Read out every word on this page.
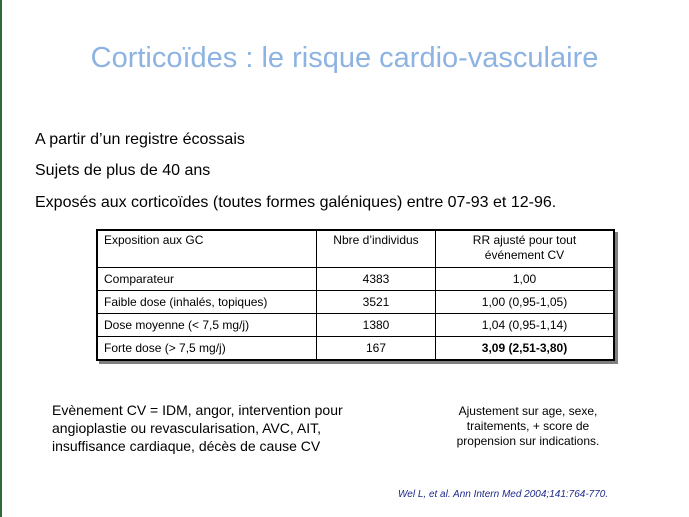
Corticoïdes : le risque cardio-vasculaire
A partir d’un registre écossais
Sujets de plus de 40 ans
Exposés aux corticoïdes (toutes formes galéniques) entre 07-93 et 12-96.
Exposition aux GC	Nbre d’individus	RR ajusté pour tout
événement CV
Comparateur	4383	1,00
Faible dose (inhalés, topiques)	3521	1,00 (0,95-1,05)
Dose moyenne (< 7,5 mg/j)	1380	1,04 (0,95-1,14)
Forte dose (> 7,5 mg/j)	167	3,09 (2,51-3,80)
Evènement CV = IDM, angor, intervention pour
angioplastie ou revascularisation, AVC, AIT,
insuffisance cardiaque, décès de cause CV
Ajustement sur age, sexe,
traitements, + score de
propension sur indications.
Wel L, et al. Ann Intern Med 2004;141:764-770.
